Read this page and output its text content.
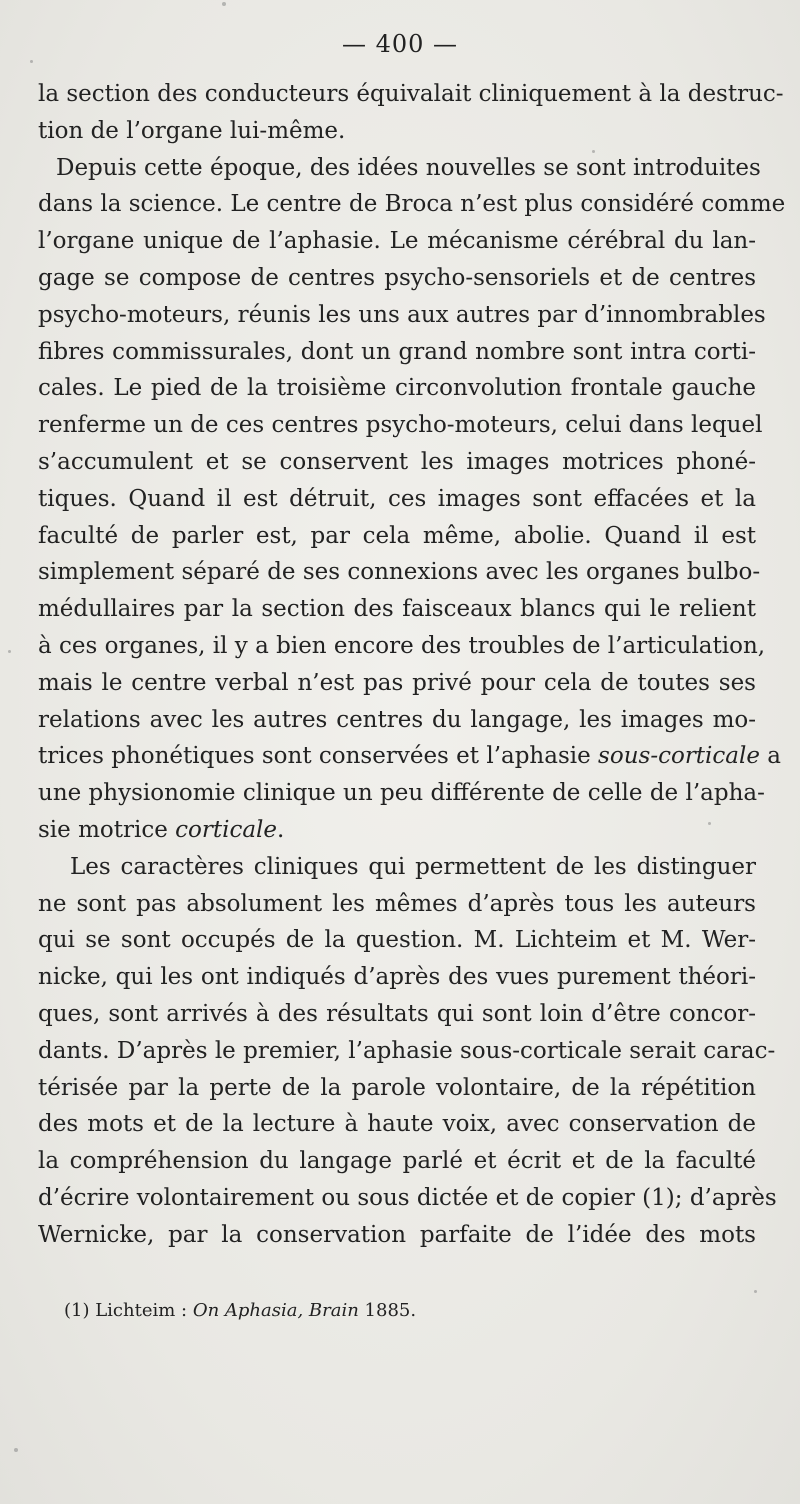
— 400 —
la section des conducteurs équivalait cliniquement à la destruc-
tion de l’organe lui-même.
Depuis cette époque, des idées nouvelles se sont introduites
dans la science. Le centre de Broca n’est plus considéré comme
l’organe unique de l’aphasie. Le mécanisme cérébral du lan-
gage se compose de centres psycho-sensoriels et de centres
psycho-moteurs, réunis les uns aux autres par d’innombrables
fibres commissurales, dont un grand nombre sont intra corti-
cales. Le pied de la troisième circonvolution frontale gauche
renferme un de ces centres psycho-moteurs, celui dans lequel
s’accumulent et se conservent les images motrices phoné-
tiques. Quand il est détruit, ces images sont effacées et la
faculté de parler est, par cela même, abolie. Quand il est
simplement séparé de ses connexions avec les organes bulbo-
médullaires par la section des faisceaux blancs qui le relient
à ces organes, il y a bien encore des troubles de l’articulation,
mais le centre verbal n’est pas privé pour cela de toutes ses
relations avec les autres centres du langage, les images mo-
trices phonétiques sont conservées et l’aphasie sous-corticale a
une physionomie clinique un peu différente de celle de l’apha-
sie motrice corticale.
Les caractères cliniques qui permettent de les distinguer
ne sont pas absolument les mêmes d’après tous les auteurs
qui se sont occupés de la question. M. Lichteim et M. Wer-
nicke, qui les ont indiqués d’après des vues purement théori-
ques, sont arrivés à des résultats qui sont loin d’être concor-
dants. D’après le premier, l’aphasie sous-corticale serait carac-
térisée par la perte de la parole volontaire, de la répétition
des mots et de la lecture à haute voix, avec conservation de
la compréhension du langage parlé et écrit et de la faculté
d’écrire volontairement ou sous dictée et de copier (1); d’après
Wernicke, par la conservation parfaite de l’idée des mots
(1) Lichteim : On Aphasia, Brain 1885.
